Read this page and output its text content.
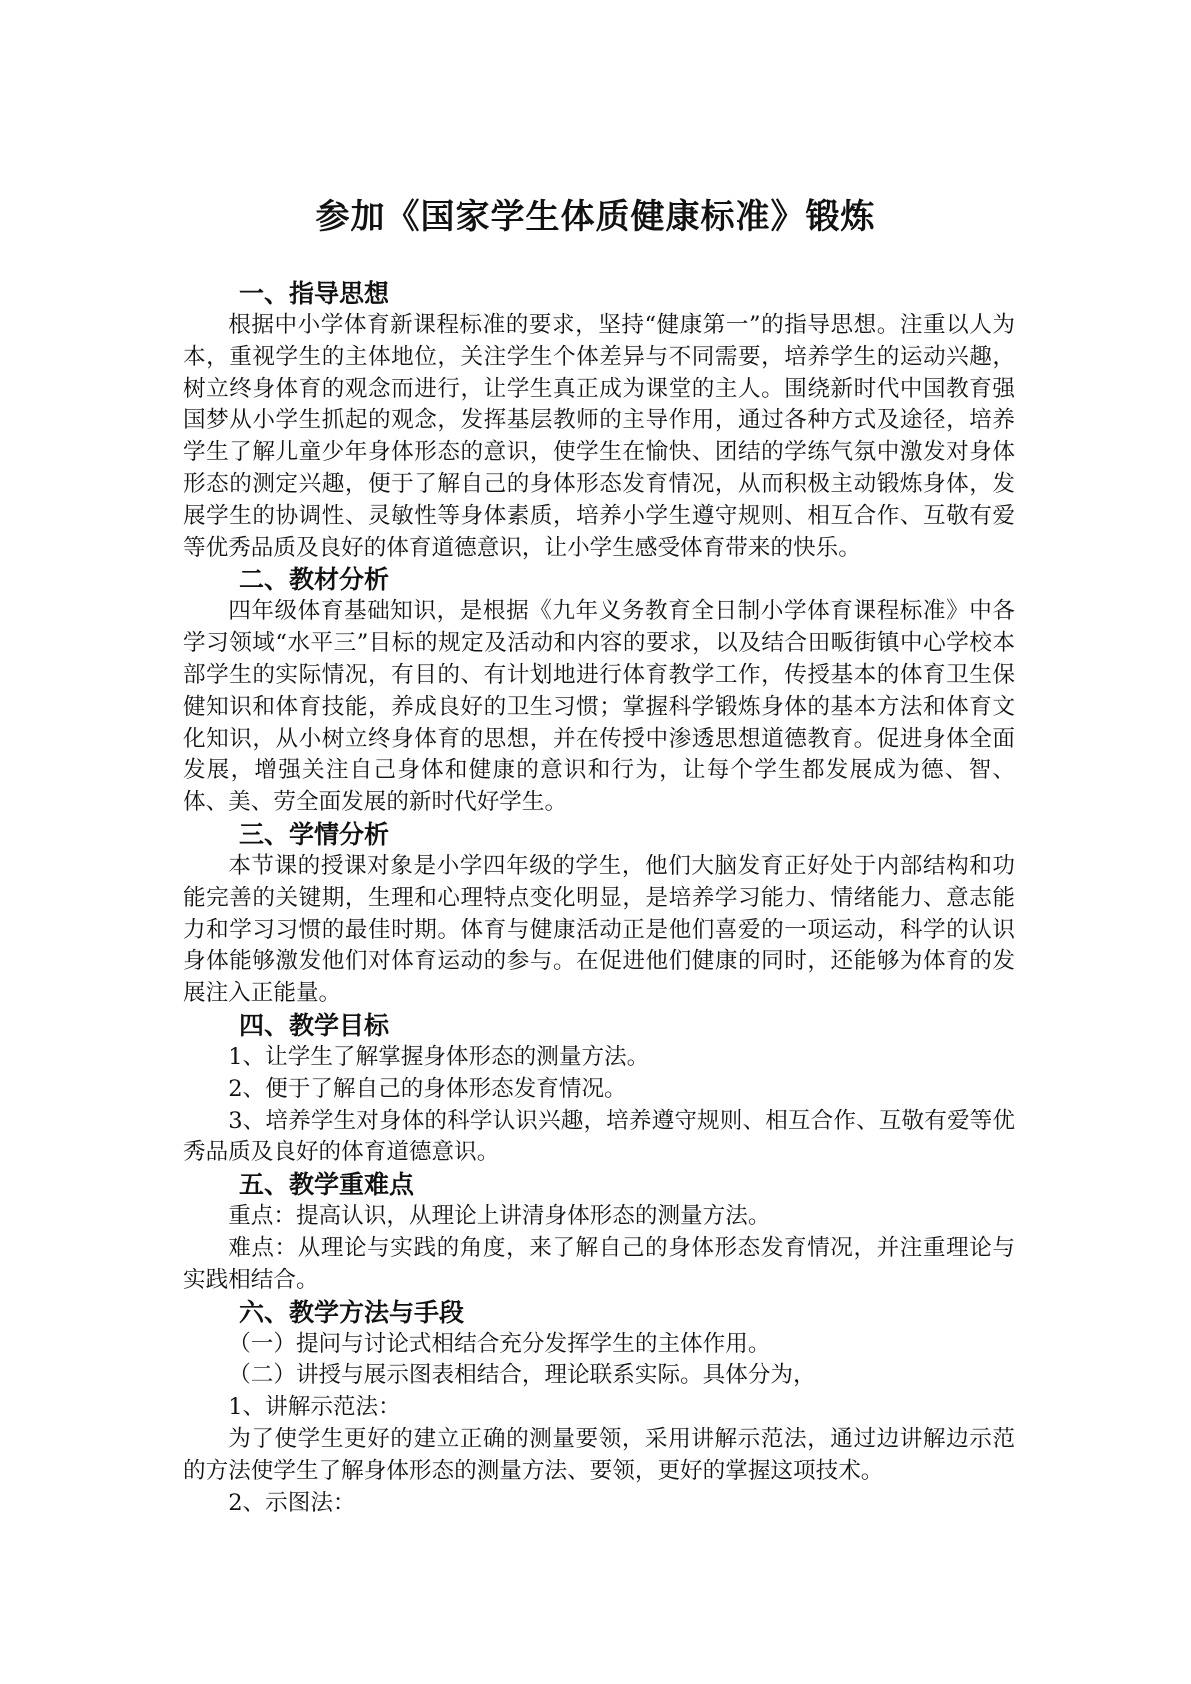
参加《国家学生体质健康标准》锻炼
一、指导思想

根据中小学体育新课程标准的要求，坚持“健康第一”的指导思想。注重以人为本，重视学生的主体地位，关注学生个体差异与不同需要，培养学生的运动兴趣，树立终身体育的观念而进行，让学生真正成为课堂的主人。围绕新时代中国教育强国梦从小学生抓起的观念，发挥基层教师的主导作用，通过各种方式及途径，培养学生了解儿童少年身体形态的意识，使学生在愉快、团结的学练气氛中激发对身体形态的测定兴趣，便于了解自己的身体形态发育情况，从而积极主动锻炼身体，发展学生的协调性、灵敏性等身体素质，培养小学生遵守规则、相互合作、互敬有爱等优秀品质及良好的体育道德意识，让小学生感受体育带来的快乐。

二、教材分析

四年级体育基础知识，是根据《九年义务教育全日制小学体育课程标准》中各学习领域“水平三”目标的规定及活动和内容的要求，以及结合田畈街镇中心学校本部学生的实际情况，有目的、有计划地进行体育教学工作，传授基本的体育卫生保健知识和体育技能，养成良好的卫生习惯；掌握科学锻炼身体的基本方法和体育文化知识，从小树立终身体育的思想，并在传授中渗透思想道德教育。促进身体全面发展，增强关注自己身体和健康的意识和行为，让每个学生都发展成为德、智、体、美、劳全面发展的新时代好学生。

三、学情分析

本节课的授课对象是小学四年级的学生，他们大脑发育正好处于内部结构和功能完善的关键期，生理和心理特点变化明显，是培养学习能力、情绪能力、意志能力和学习习惯的最佳时期。体育与健康活动正是他们喜爱的一项运动，科学的认识身体能够激发他们对体育运动的参与。在促进他们健康的同时，还能够为体育的发展注入正能量。

四、教学目标

1、让学生了解掌握身体形态的测量方法。

2、便于了解自己的身体形态发育情况。

3、培养学生对身体的科学认识兴趣，培养遵守规则、相互合作、互敬有爱等优秀品质及良好的体育道德意识。

五、教学重难点

重点：提高认识，从理论上讲清身体形态的测量方法。

难点：从理论与实践的角度，来了解自己的身体形态发育情况，并注重理论与实践相结合。

六、教学方法与手段

（一）提问与讨论式相结合充分发挥学生的主体作用。

（二）讲授与展示图表相结合，理论联系实际。具体分为，

1、讲解示范法：

为了使学生更好的建立正确的测量要领，采用讲解示范法，通过边讲解边示范的方法使学生了解身体形态的测量方法、要领，更好的掌握这项技术。

2、示图法：
